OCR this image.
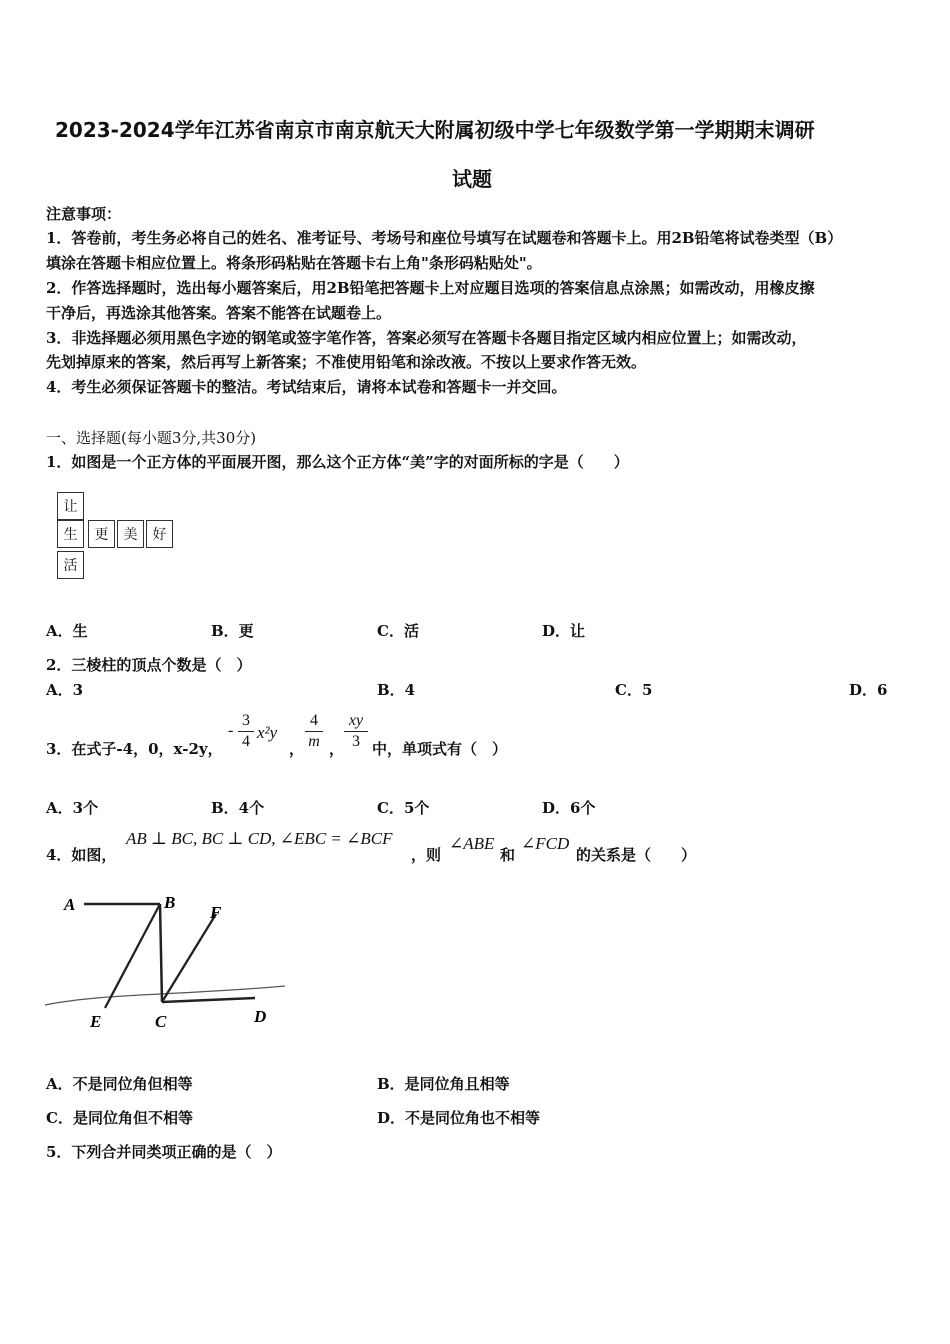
2023-2024学年江苏省南京市南京航天大附属初级中学七年级数学第一学期期末调研
试题
注意事项：
1．答卷前，考生务必将自己的姓名、准考证号、考场号和座位号填写在试题卷和答题卡上。用2B铅笔将试卷类型（B）
填涂在答题卡相应位置上。将条形码粘贴在答题卡右上角"条形码粘贴处"。
2．作答选择题时，选出每小题答案后，用2B铅笔把答题卡上对应题目选项的答案信息点涂黑；如需改动，用橡皮擦
干净后，再选涂其他答案。答案不能答在试题卷上。
3．非选择题必须用黑色字迹的钢笔或签字笔作答，答案必须写在答题卡各题目指定区域内相应位置上；如需改动，
先划掉原来的答案，然后再写上新答案；不准使用铅笔和涂改液。不按以上要求作答无效。
4．考生必须保证答题卡的整洁。考试结束后，请将本试卷和答题卡一并交回。
一、选择题(每小题3分,共30分)
1．如图是一个正方体的平面展开图，那么这个正方体“美”字的对面所标的字是（　　）
让
生	更	美	好
活
A．生	B．更	C．活	D．让
2．三棱柱的顶点个数是（　）
A．3	B．4	C．5	D．6
3．在式子-4，0，x-2y，
-
3
4 x²y
，
4
m ，
xy
3 中，单项式有（　）
A．3个	B．4个	C．5个	D．6个
4．如图，
AB ⊥ BC, BC ⊥ CD, ∠EBC = ∠BCF
，则
∠ABE
和
∠FCD
的关系是（　　）
A	B
F
E	C	D
A．不是同位角但相等	B．是同位角且相等
C．是同位角但不相等	D．不是同位角也不相等
5．下列合并同类项正确的是（　）
